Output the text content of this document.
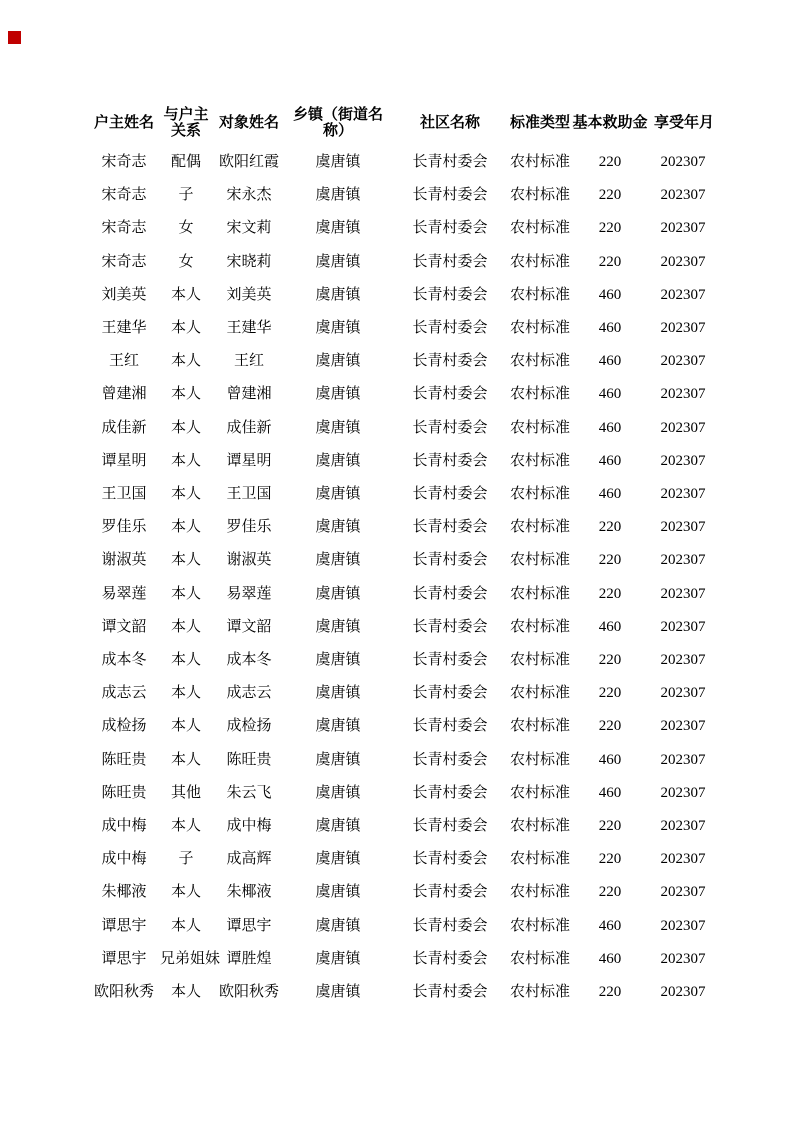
户主姓名	与户主关系	对象姓名	乡镇（街道名称）	社区名称	标准类型	基本救助金	享受年月
宋奇志	配偶	欧阳红霞	虞唐镇	长青村委会	农村标准	220	202307
宋奇志	子	宋永杰	虞唐镇	长青村委会	农村标准	220	202307
宋奇志	女	宋文莉	虞唐镇	长青村委会	农村标准	220	202307
宋奇志	女	宋晓莉	虞唐镇	长青村委会	农村标准	220	202307
刘美英	本人	刘美英	虞唐镇	长青村委会	农村标准	460	202307
王建华	本人	王建华	虞唐镇	长青村委会	农村标准	460	202307
王红	本人	王红	虞唐镇	长青村委会	农村标准	460	202307
曾建湘	本人	曾建湘	虞唐镇	长青村委会	农村标准	460	202307
成佳新	本人	成佳新	虞唐镇	长青村委会	农村标准	460	202307
谭星明	本人	谭星明	虞唐镇	长青村委会	农村标准	460	202307
王卫国	本人	王卫国	虞唐镇	长青村委会	农村标准	460	202307
罗佳乐	本人	罗佳乐	虞唐镇	长青村委会	农村标准	220	202307
谢淑英	本人	谢淑英	虞唐镇	长青村委会	农村标准	220	202307
易翠莲	本人	易翠莲	虞唐镇	长青村委会	农村标准	220	202307
谭文韶	本人	谭文韶	虞唐镇	长青村委会	农村标准	460	202307
成本冬	本人	成本冬	虞唐镇	长青村委会	农村标准	220	202307
成志云	本人	成志云	虞唐镇	长青村委会	农村标准	220	202307
成检扬	本人	成检扬	虞唐镇	长青村委会	农村标准	220	202307
陈旺贵	本人	陈旺贵	虞唐镇	长青村委会	农村标准	460	202307
陈旺贵	其他	朱云飞	虞唐镇	长青村委会	农村标准	460	202307
成中梅	本人	成中梅	虞唐镇	长青村委会	农村标准	220	202307
成中梅	子	成高辉	虞唐镇	长青村委会	农村标准	220	202307
朱椰液	本人	朱椰液	虞唐镇	长青村委会	农村标准	220	202307
谭思宇	本人	谭思宇	虞唐镇	长青村委会	农村标准	460	202307
谭思宇	兄弟姐妹	谭胜煌	虞唐镇	长青村委会	农村标准	460	202307
欧阳秋秀	本人	欧阳秋秀	虞唐镇	长青村委会	农村标准	220	202307
